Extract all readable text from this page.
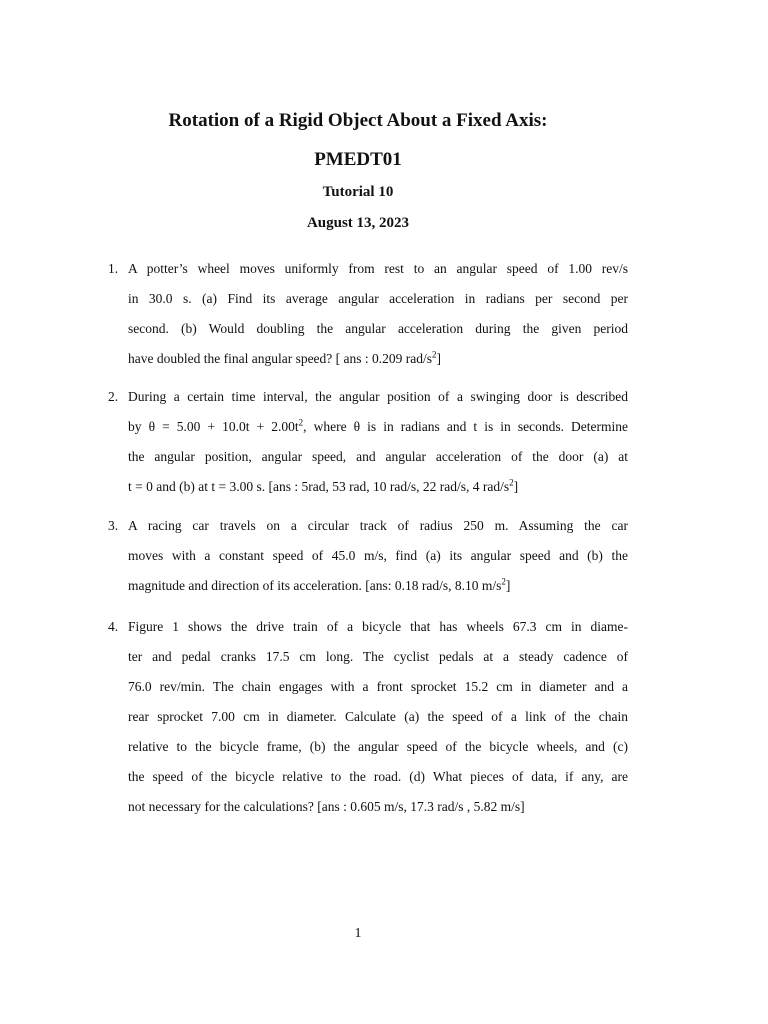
Rotation of a Rigid Object About a Fixed Axis:
PMEDT01
Tutorial 10
August 13, 2023
1. A potter’s wheel moves uniformly from rest to an angular speed of 1.00 rev/s
in 30.0 s. (a) Find its average angular acceleration in radians per second per
second. (b) Would doubling the angular acceleration during the given period
have doubled the final angular speed? [ ans : 0.209 rad/$s^2$]
2. During a certain time interval, the angular position of a swinging door is described
by $\theta = 5.00 + 10.0t + 2.00t^2$, where θ is in radians and t is in seconds. Determine
the angular position, angular speed, and angular acceleration of the door (a) at
t = 0 and (b) at t = 3.00 s. [ans : 5rad, 53 rad, 10 rad/s, 22 rad/s, 4 rad/$s^2$]
3. A racing car travels on a circular track of radius 250 m. Assuming the car
moves with a constant speed of 45.0 m/s, find (a) its angular speed and (b) the
magnitude and direction of its acceleration. [ans: 0.18 rad/s, 8.10 $m/s^2$]
4. Figure 1 shows the drive train of a bicycle that has wheels 67.3 cm in diame-
ter and pedal cranks 17.5 cm long. The cyclist pedals at a steady cadence of
76.0 rev/min. The chain engages with a front sprocket 15.2 cm in diameter and a
rear sprocket 7.00 cm in diameter. Calculate (a) the speed of a link of the chain
relative to the bicycle frame, (b) the angular speed of the bicycle wheels, and (c)
the speed of the bicycle relative to the road. (d) What pieces of data, if any, are
not necessary for the calculations? [ans : 0.605 m/s, 17.3 rad/s , 5.82 m/s]
1
